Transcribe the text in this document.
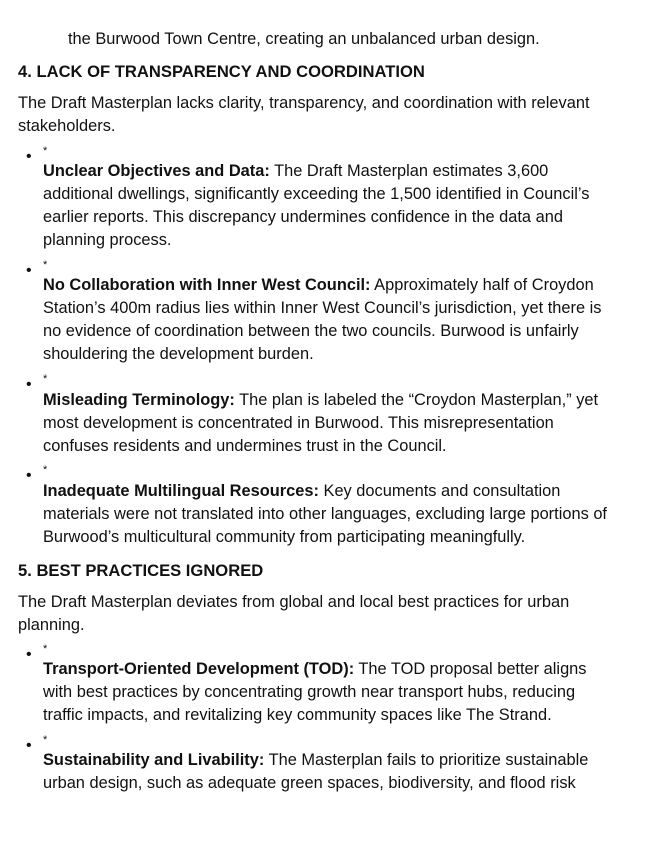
the Burwood Town Centre, creating an unbalanced urban design.
4. LACK OF TRANSPARENCY AND COORDINATION
The Draft Masterplan lacks clarity, transparency, and coordination with relevant
stakeholders.
• *
Unclear Objectives and Data: The Draft Masterplan estimates 3,600
additional dwellings, significantly exceeding the 1,500 identified in Council’s
earlier reports. This discrepancy undermines confidence in the data and
planning process.
• *
No Collaboration with Inner West Council: Approximately half of Croydon
Station’s 400m radius lies within Inner West Council’s jurisdiction, yet there is
no evidence of coordination between the two councils. Burwood is unfairly
shouldering the development burden.
• *
Misleading Terminology: The plan is labeled the “Croydon Masterplan,” yet
most development is concentrated in Burwood. This misrepresentation
confuses residents and undermines trust in the Council.
• *
Inadequate Multilingual Resources: Key documents and consultation
materials were not translated into other languages, excluding large portions of
Burwood’s multicultural community from participating meaningfully.
5. BEST PRACTICES IGNORED
The Draft Masterplan deviates from global and local best practices for urban
planning.
• *
Transport-Oriented Development (TOD): The TOD proposal better aligns
with best practices by concentrating growth near transport hubs, reducing
traffic impacts, and revitalizing key community spaces like The Strand.
• *
Sustainability and Livability: The Masterplan fails to prioritize sustainable
urban design, such as adequate green spaces, biodiversity, and flood risk
